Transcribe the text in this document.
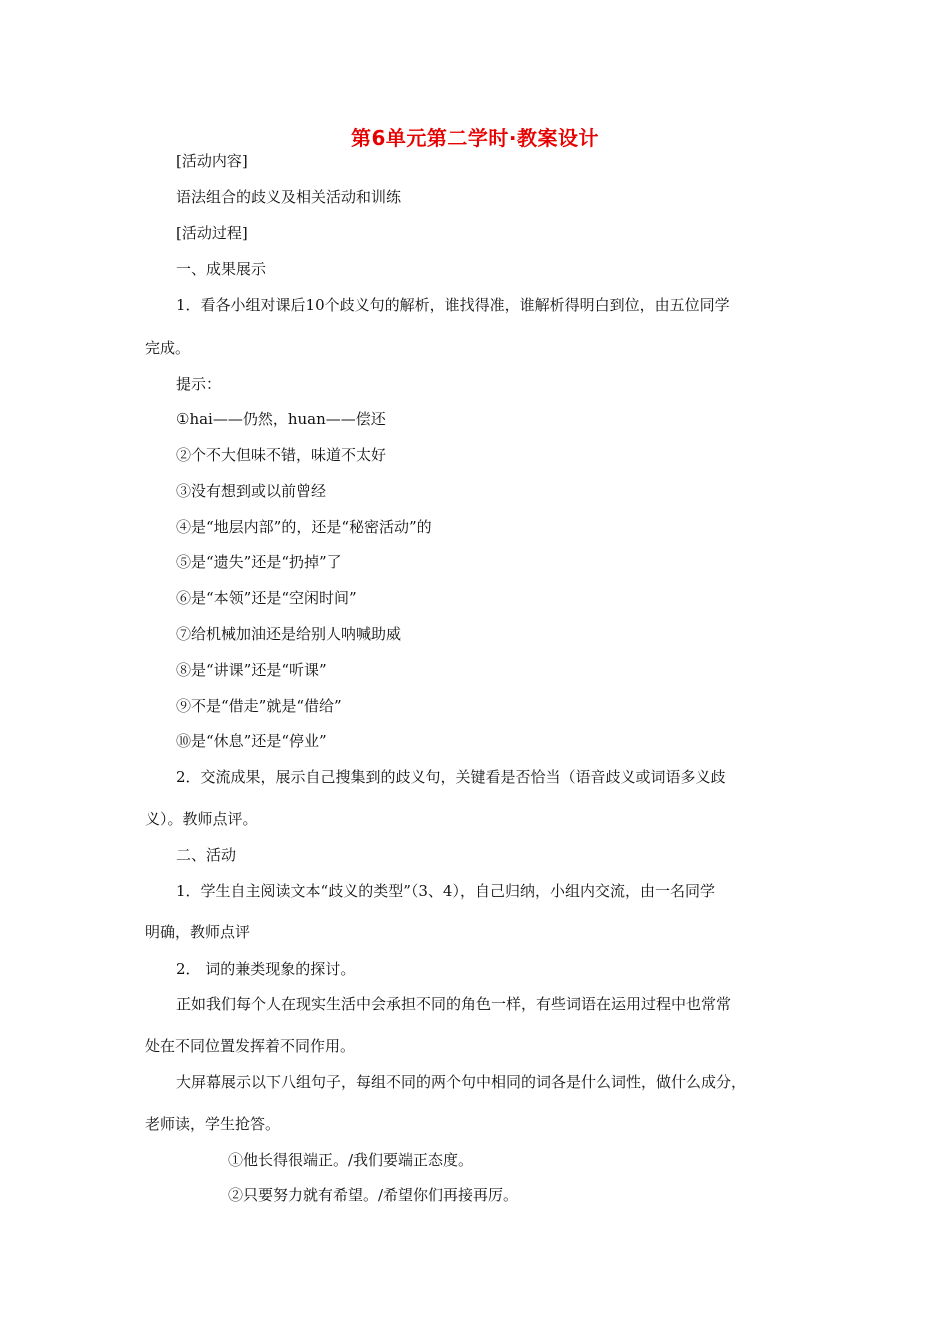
第6单元第二学时·教案设计
[活动内容]
语法组合的歧义及相关活动和训练
[活动过程]
一、成果展示
1．看各小组对课后10个歧义句的解析，谁找得准，谁解析得明白到位，由五位同学
完成。
提示：
①hai——仍然，huan——偿还
②个不大但味不错，味道不太好
③没有想到或以前曾经
④是“地层内部”的，还是“秘密活动”的
⑤是“遗失”还是“扔掉”了
⑥是“本领”还是“空闲时间”
⑦给机械加油还是给别人呐喊助威
⑧是“讲课”还是“听课”
⑨不是“借走”就是“借给”
⑩是“休息”还是“停业”
2．交流成果，展示自己搜集到的歧义句，关键看是否恰当（语音歧义或词语多义歧
义）。教师点评。
二、活动
1．学生自主阅读文本“歧义的类型”（3、4），自己归纳，小组内交流，由一名同学
明确，教师点评
2． 词的兼类现象的探讨。
正如我们每个人在现实生活中会承担不同的角色一样，有些词语在运用过程中也常常
处在不同位置发挥着不同作用。
大屏幕展示以下八组句子，每组不同的两个句中相同的词各是什么词性，做什么成分，
老师读，学生抢答。
①他长得很端正。/我们要端正态度。
②只要努力就有希望。/希望你们再接再厉。
